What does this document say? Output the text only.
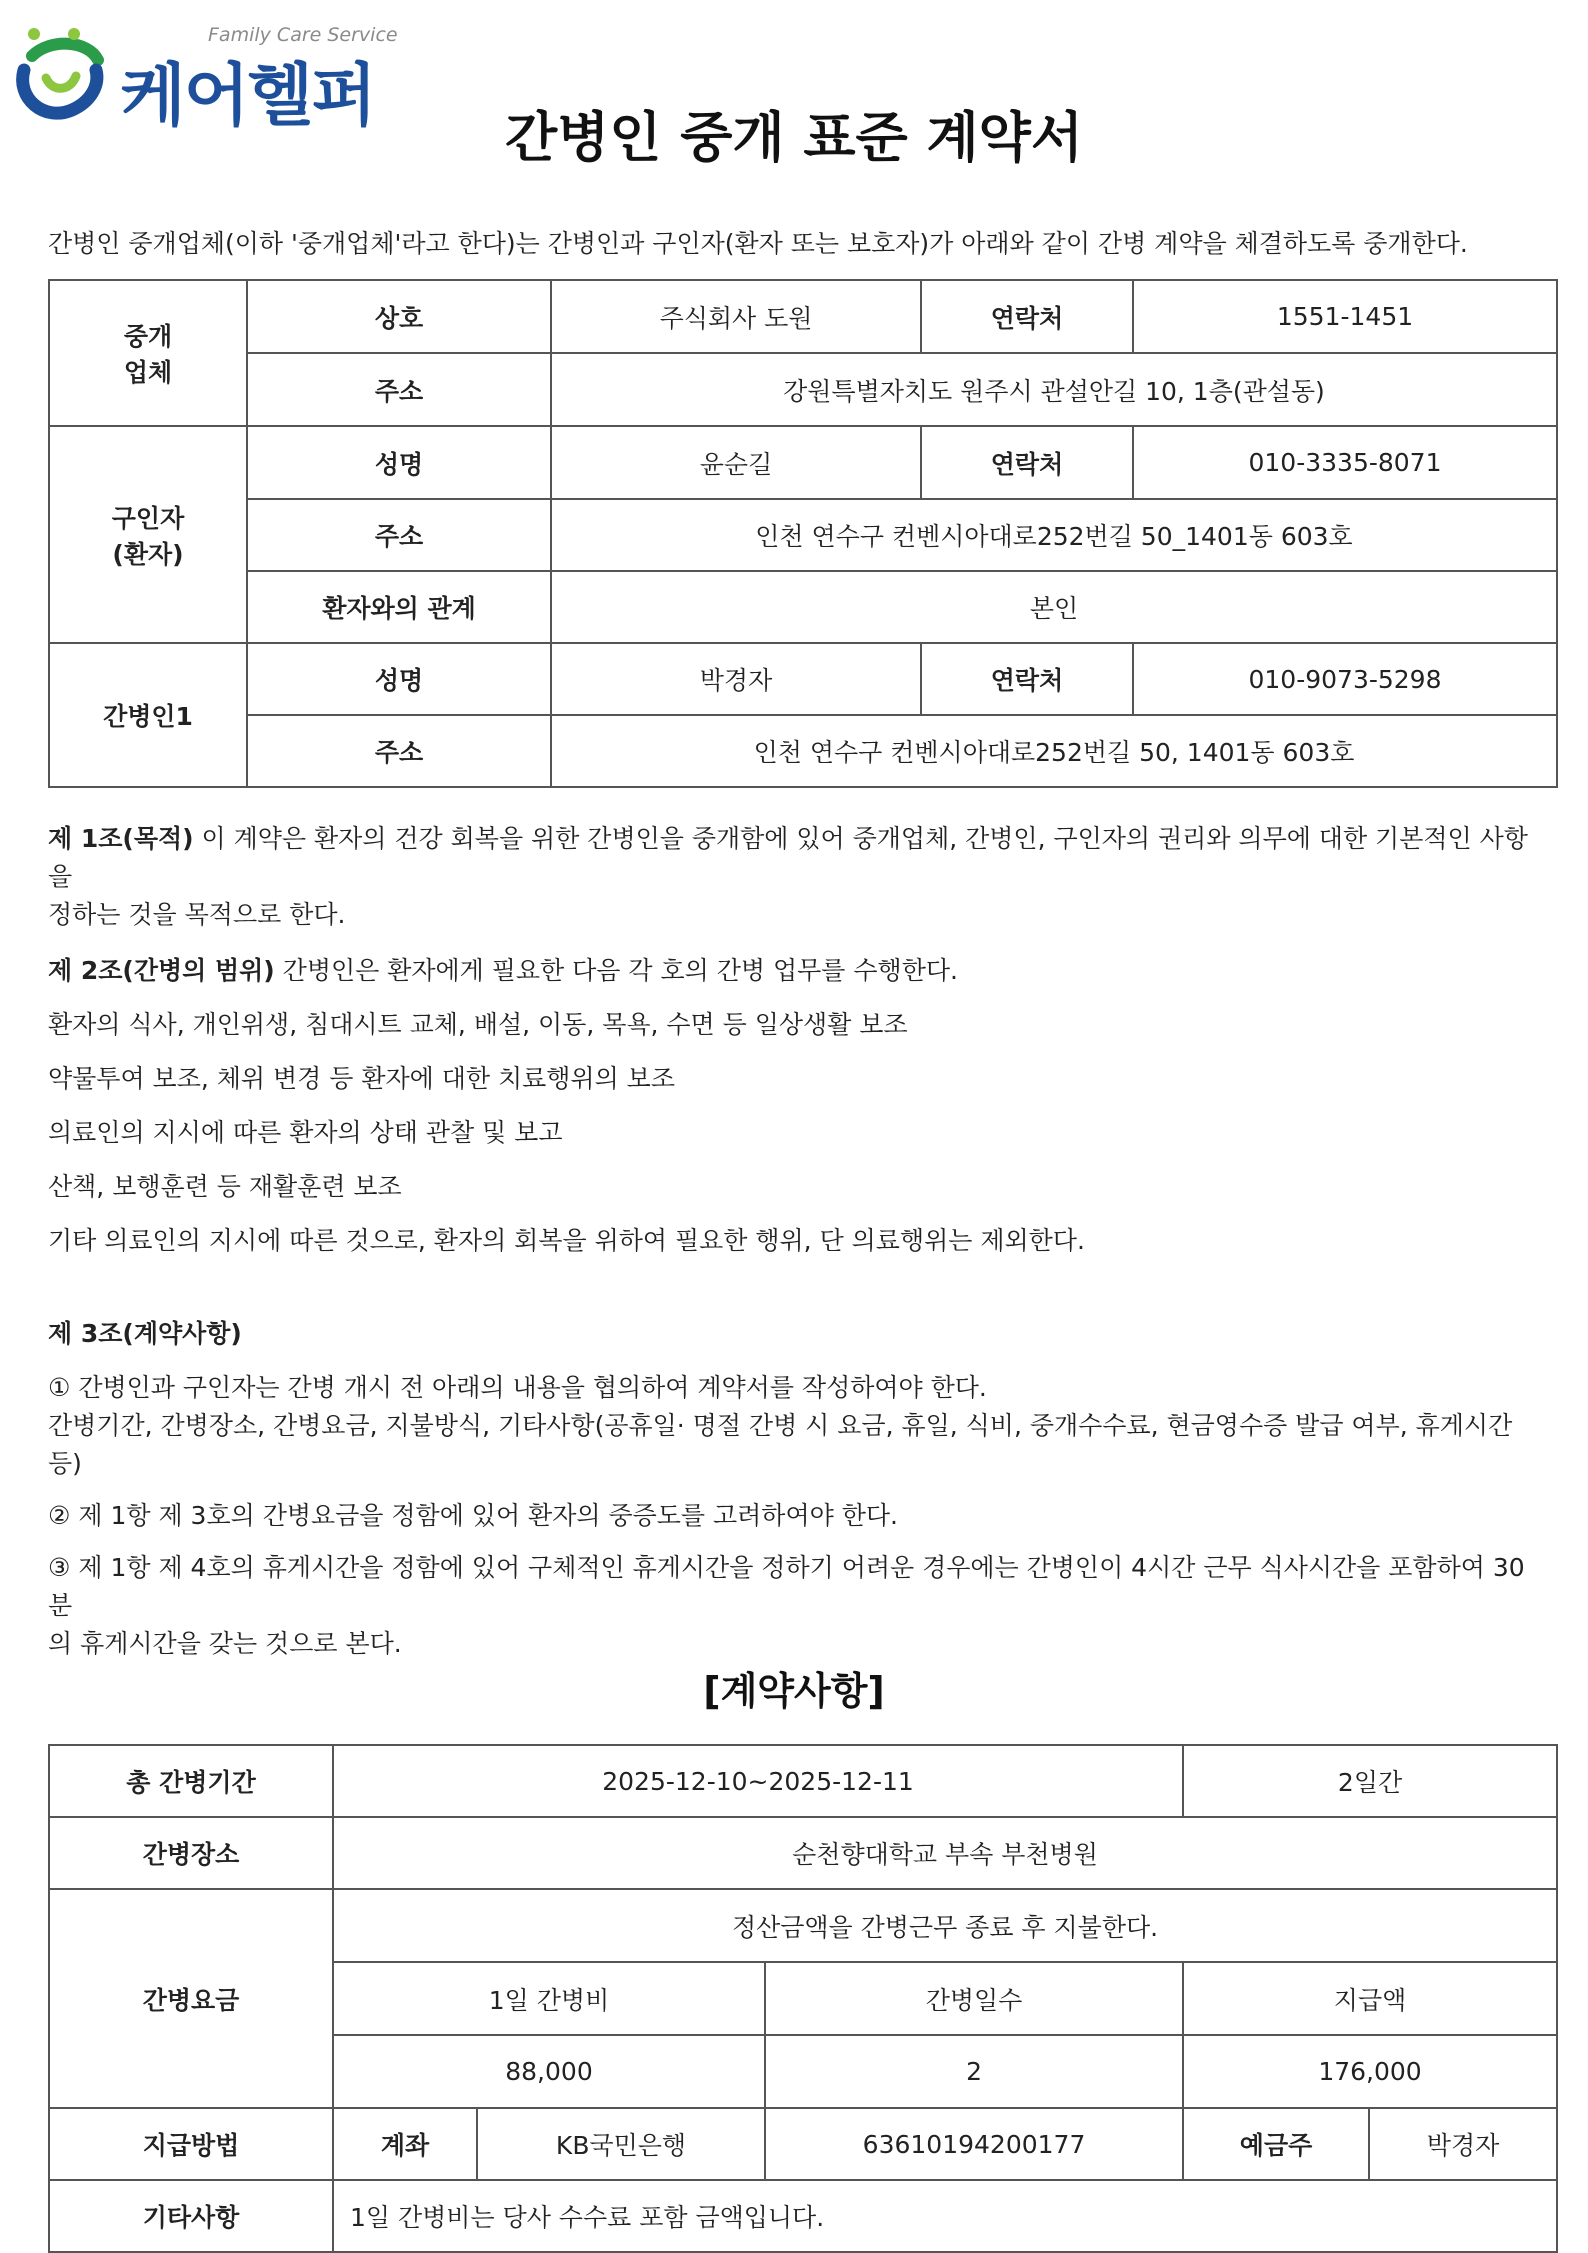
Family Care Service
케어헬퍼
간병인 중개 표준 계약서
간병인 중개업체(이하 '중개업체'라고 한다)는 간병인과 구인자(환자 또는 보호자)가 아래와 같이 간병 계약을 체결하도록 중개한다.
중개
업체	상호	주식회사 도원	연락처	1551-1451
	주소	강원특별자치도 원주시 관설안길 10, 1층(관설동)		

구인자
(환자)	성명	윤순길	연락처	010-3335-8071
	주소	인천 연수구 컨벤시아대로252번길 50_1401동 603호		
	환자와의 관계	본인		
간병인1	성명	박경자	연락처	010-9073-5298
	주소	인천 연수구 컨벤시아대로252번길 50, 1401동 603호		
제 1조(목적) 이 계약은 환자의 건강 회복을 위한 간병인을 중개함에 있어 중개업체, 간병인, 구인자의 권리와 의무에 대한 기본적인 사항을
정하는 것을 목적으로 한다.
제 2조(간병의 범위) 간병인은 환자에게 필요한 다음 각 호의 간병 업무를 수행한다.
환자의 식사, 개인위생, 침대시트 교체, 배설, 이동, 목욕, 수면 등 일상생활 보조
약물투여 보조, 체위 변경 등 환자에 대한 치료행위의 보조
의료인의 지시에 따른 환자의 상태 관찰 및 보고
산책, 보행훈련 등 재활훈련 보조
기타 의료인의 지시에 따른 것으로, 환자의 회복을 위하여 필요한 행위, 단 의료행위는 제외한다.
제 3조(계약사항)
① 간병인과 구인자는 간병 개시 전 아래의 내용을 협의하여 계약서를 작성하여야 한다.
간병기간, 간병장소, 간병요금, 지불방식, 기타사항(공휴일· 명절 간병 시 요금, 휴일, 식비, 중개수수료, 현금영수증 발급 여부, 휴게시간 등)
② 제 1항 제 3호의 간병요금을 정함에 있어 환자의 중증도를 고려하여야 한다.
③ 제 1항 제 4호의 휴게시간을 정함에 있어 구체적인 휴게시간을 정하기 어려운 경우에는 간병인이 4시간 근무 식사시간을 포함하여 30분
의 휴게시간을 갖는 것으로 본다.
[계약사항]
총 간병기간	2025-12-10~2025-12-11			2일간	
간병장소	순천향대학교 부속 부천병원				
간병요금	정산금액을 간병근무 종료 후 지불한다.				
	1일 간병비		간병일수	지급액	
	88,000		2	176,000	
지급방법	계좌	KB국민은행	63610194200177	예금주	박경자
기타사항	1일 간병비는 당사 수수료 포함 금액입니다.				
